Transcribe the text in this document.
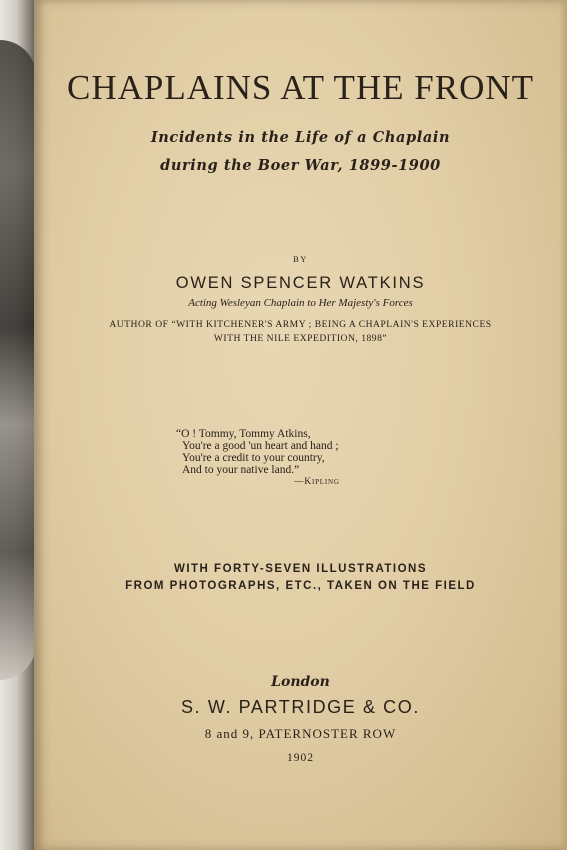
CHAPLAINS AT THE FRONT
Incidents in the Life of a Chaplain
during the Boer War, 1899-1900
BY
OWEN SPENCER WATKINS
Acting Wesleyan Chaplain to Her Majesty's Forces
AUTHOR OF “WITH KITCHENER'S ARMY ; BEING A CHAPLAIN'S EXPERIENCES
WITH THE NILE EXPEDITION, 1898”
“O ! Tommy, Tommy Atkins,
You're a good 'un heart and hand ;
You're a credit to your country,
And to your native land.”
—Kipling
WITH FORTY-SEVEN ILLUSTRATIONS
FROM PHOTOGRAPHS, ETC., TAKEN ON THE FIELD
London
S. W. PARTRIDGE & CO.
8 and 9, PATERNOSTER ROW
1902
